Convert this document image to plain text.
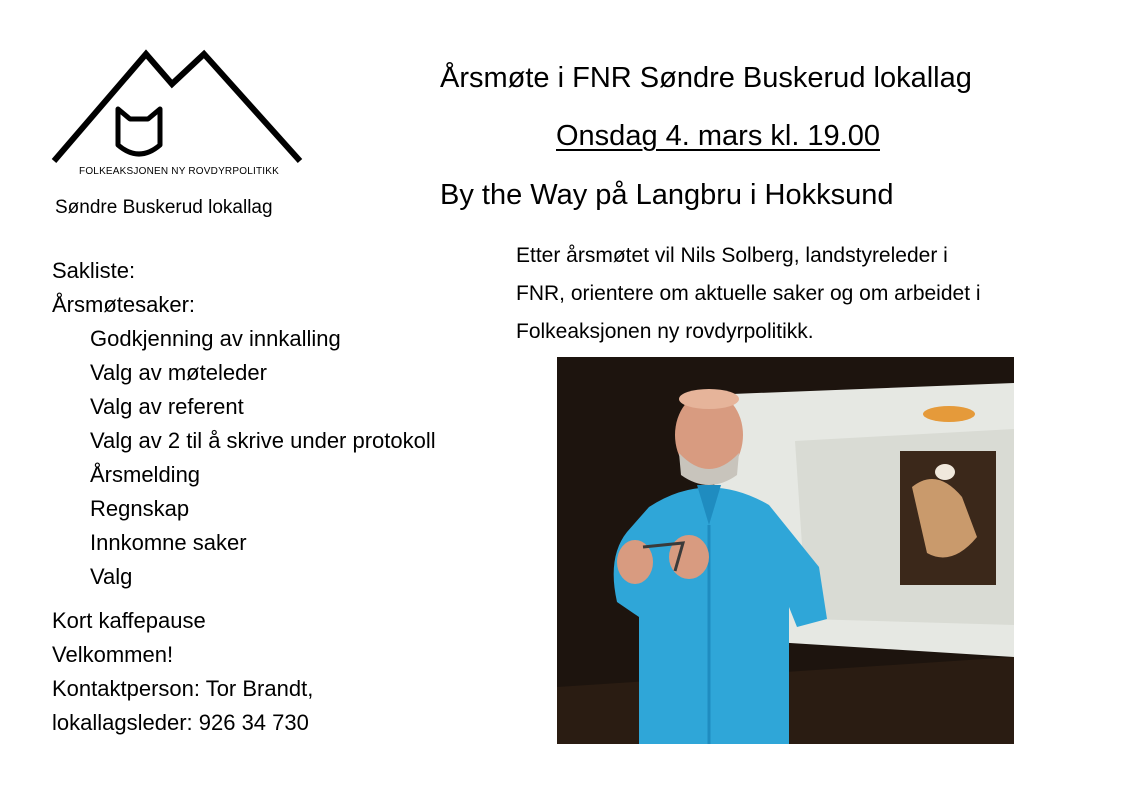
FOLKEAKSJONEN NY ROVDYRPOLITIKK
Søndre Buskerud lokallag
Årsmøte i FNR Søndre Buskerud lokallag
Onsdag 4. mars kl. 19.00
By the Way på Langbru i Hokksund

Etter årsmøtet vil Nils Solberg, landstyreleder i

FNR, orientere om aktuelle saker og om arbeidet i

Folkeaksjonen ny rovdyrpolitikk.

Sakliste:
Årsmøtesaker:
Godkjenning av innkalling
Valg av møteleder
Valg av referent
Valg av 2 til å skrive under protokoll
Årsmelding
Regnskap
Innkomne saker
Valg
Kort kaffepause
Velkommen!
Kontaktperson: Tor Brandt,
lokallagsleder: 926 34 730
